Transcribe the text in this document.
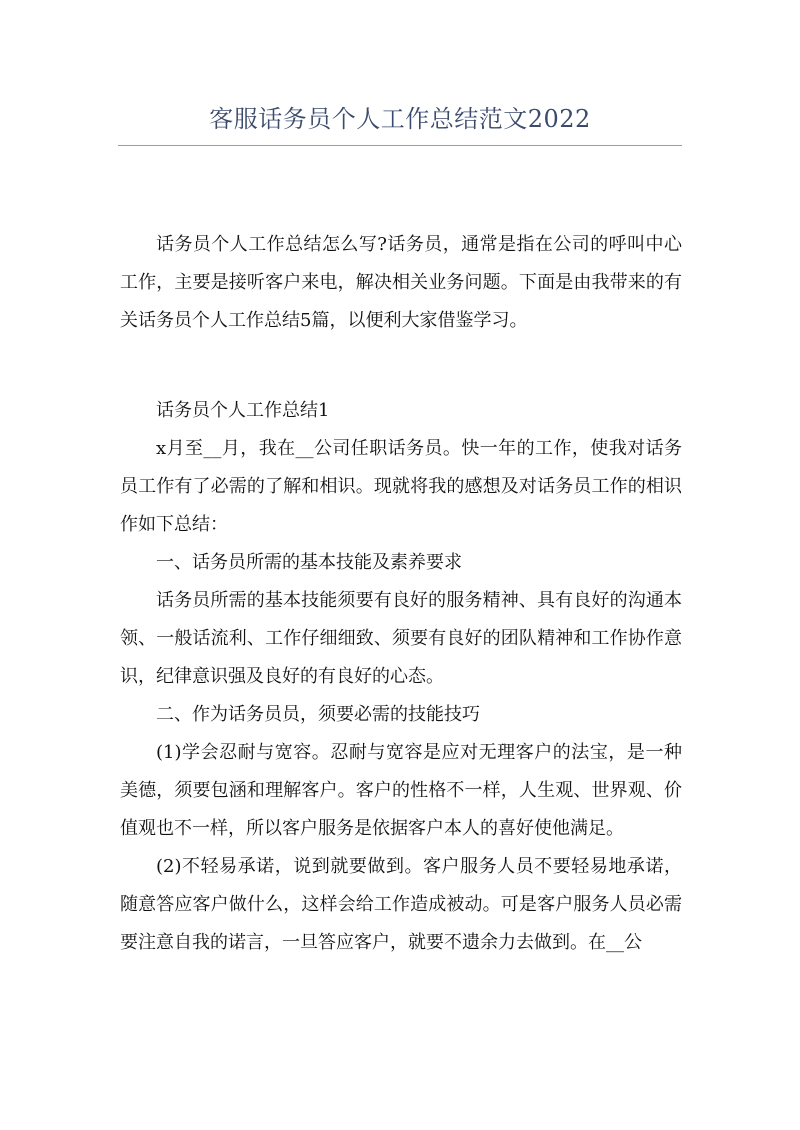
客服话务员个人工作总结范文2022

话务员个人工作总结怎么写?话务员，通常是指在公司的呼叫中心工作，主要是接听客户来电，解决相关业务问题。下面是由我带来的有关话务员个人工作总结5篇，以便利大家借鉴学习。

话务员个人工作总结1

x月至__月，我在__公司任职话务员。快一年的工作，使我对话务员工作有了必需的了解和相识。现就将我的感想及对话务员工作的相识作如下总结：

一、话务员所需的基本技能及素养要求

话务员所需的基本技能须要有良好的服务精神、具有良好的沟通本领、一般话流利、工作仔细细致、须要有良好的团队精神和工作协作意识，纪律意识强及良好的有良好的心态。

二、作为话务员员，须要必需的技能技巧

(1)学会忍耐与宽容。忍耐与宽容是应对无理客户的法宝，是一种美德，须要包涵和理解客户。客户的性格不一样，人生观、世界观、价值观也不一样，所以客户服务是依据客户本人的喜好使他满足。

(2)不轻易承诺，说到就要做到。客户服务人员不要轻易地承诺，随意答应客户做什么，这样会给工作造成被动。可是客户服务人员必需要注意自我的诺言，一旦答应客户，就要不遗余力去做到。在__公
